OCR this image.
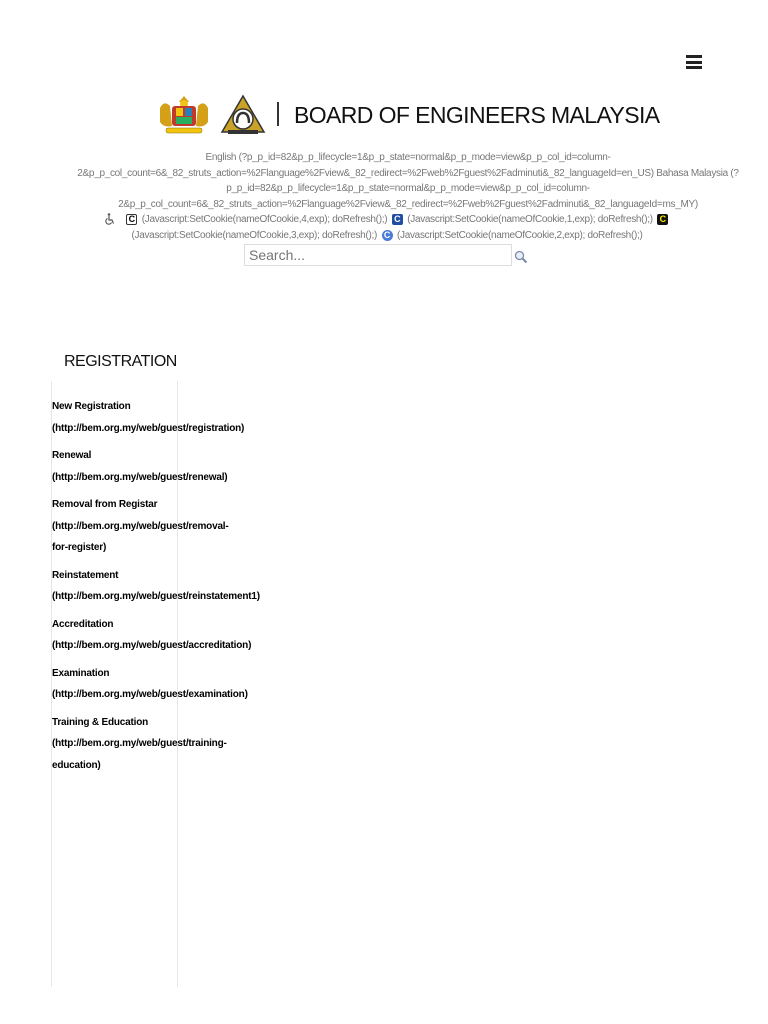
BOARD OF ENGINEERS MALAYSIA
English (?p_p_id=82&p_p_lifecycle=1&p_p_state=normal&p_p_mode=view&p_p_col_id=column-2&p_p_col_count=6&_82_struts_action=%2Flanguage%2Fview&_82_redirect=%2Fweb%2Fguest%2Fadminuti&_82_languageId=en_US) Bahasa Malaysia (?p_p_id=82&p_p_lifecycle=1&p_p_state=normal&p_p_mode=view&p_p_col_id=column-2&p_p_col_count=6&_82_struts_action=%2Flanguage%2Fview&_82_redirect=%2Fweb%2Fguest%2Fadminuti&_82_languageId=ms_MY)
C (Javascript:SetCookie(nameOfCookie,4,exp); doRefresh();) C (Javascript:SetCookie(nameOfCookie,1,exp); doRefresh();) C (Javascript:SetCookie(nameOfCookie,3,exp); doRefresh();) C (Javascript:SetCookie(nameOfCookie,2,exp); doRefresh();)
Search...
REGISTRATION
New Registration
(http://bem.org.my/web/guest/registration)
Renewal
(http://bem.org.my/web/guest/renewal)
Removal from Registar
(http://bem.org.my/web/guest/removal-
for-register)
Reinstatement
(http://bem.org.my/web/guest/reinstatement1)
Accreditation
(http://bem.org.my/web/guest/accreditation)
Examination
(http://bem.org.my/web/guest/examination)
Training & Education
(http://bem.org.my/web/guest/training-
education)
